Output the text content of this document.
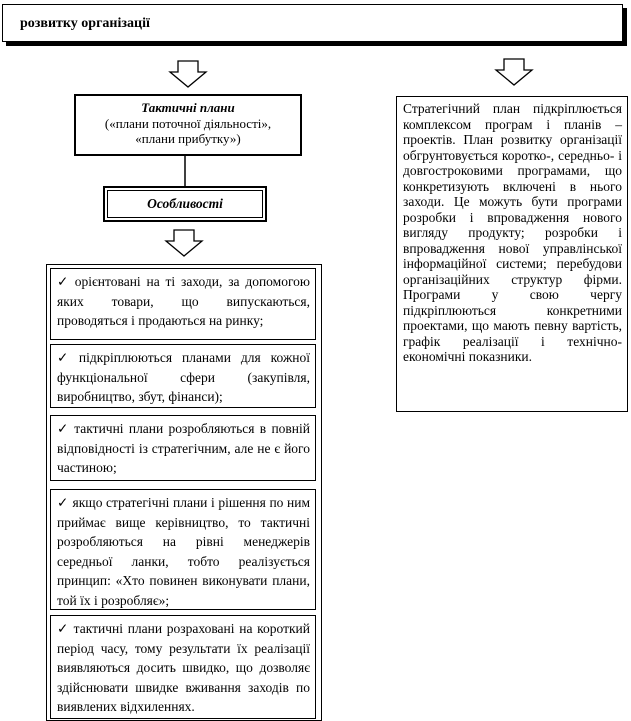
розвитку організації
Тактичні плани
(«плани поточної діяльності»,
«плани прибутку»)
Особливості
✓ орієнтовані на ті заходи, за допомогою яких товари, що випускаються, проводяться і продаються на ринку;
✓ підкріплюються планами для кожної функціональної сфери (закупівля, виробництво, збут, фінанси);
✓ тактичні плани розробляються в повній відповідності із стратегічним, але не є його частиною;
✓ якщо стратегічні плани і рішення по ним приймає вище керівництво, то тактичні розробляються на рівні менеджерів середньої ланки, тобто реалізується принцип: «Хто повинен виконувати плани, той їх і розробляє»;
✓ тактичні плани розраховані на короткий період часу, тому результати їх реалізації виявляються досить швидко, що дозволяє здійснювати швидке вживання заходів по виявлених відхиленнях.
Стратегічний план підкріплюється комплексом програм і планів – проектів. План розвитку організації обгрунтовується коротко-, середньо- і довгостроковими програмами, що конкретизують включені в нього заходи. Це можуть бути програми розробки і впровадження нового вигляду продукту; розробки і впровадження нової управлінської інформаційної системи; перебудови організаційних структур фірми. Програми у свою чергу підкріплюються конкретними проектами, що мають певну вартість, графік реалізації і технічно-економічні показники.
